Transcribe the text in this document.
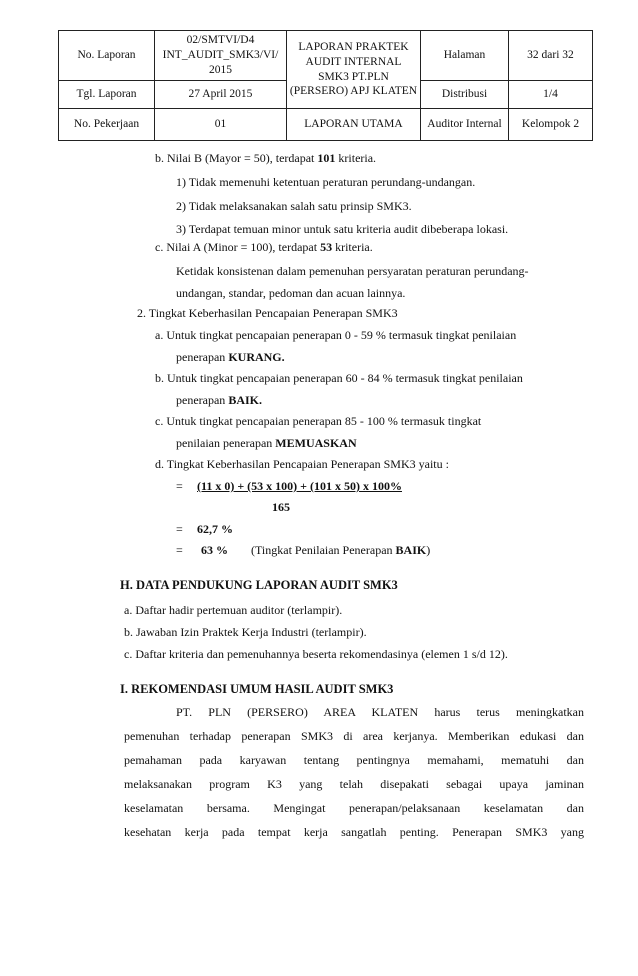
No. Laporan	02/SMTVI/D4 INT_AUDIT_SMK3/VI/ 2015	LAPORAN PRAKTEK AUDIT INTERNAL SMK3 PT.PLN (PERSERO) APJ KLATEN	Halaman	32 dari 32
Tgl. Laporan	27 April 2015		Distribusi	1/4
No. Pekerjaan	01	LAPORAN UTAMA	Auditor Internal	Kelompok 2
b. Nilai B (Mayor = 50), terdapat 101 kriteria.
1) Tidak memenuhi ketentuan peraturan perundang-undangan.
2) Tidak melaksanakan salah satu prinsip SMK3.
3) Terdapat temuan minor untuk satu kriteria audit dibeberapa lokasi.
c. Nilai A (Minor = 100), terdapat 53 kriteria.
Ketidak konsistenan dalam pemenuhan persyaratan peraturan perundang-
undangan, standar, pedoman dan acuan lainnya.
2. Tingkat Keberhasilan Pencapaian Penerapan SMK3
a. Untuk tingkat pencapaian penerapan 0 - 59 % termasuk tingkat penilaian
penerapan KURANG.
b. Untuk tingkat pencapaian penerapan 60 - 84 % termasuk tingkat penilaian
penerapan BAIK.
c. Untuk tingkat pencapaian penerapan 85 - 100 % termasuk tingkat
penilaian penerapan MEMUASKAN
d. Tingkat Keberhasilan Pencapaian Penerapan SMK3 yaitu :
= (11 x 0) + (53 x 100) + (101 x 50) x 100%
165
= 62,7 %
= 63 % (Tingkat Penilaian Penerapan BAIK)
H. DATA PENDUKUNG LAPORAN AUDIT SMK3
a. Daftar hadir pertemuan auditor (terlampir).
b. Jawaban Izin Praktek Kerja Industri (terlampir).
c. Daftar kriteria dan pemenuhannya beserta rekomendasinya (elemen 1 s/d 12).
I. REKOMENDASI UMUM HASIL AUDIT SMK3
PT. PLN (PERSERO) AREA KLATEN harus terus meningkatkan
pemenuhan terhadap penerapan SMK3 di area kerjanya. Memberikan edukasi dan
pemahaman pada karyawan tentang pentingnya memahami, mematuhi dan
melaksanakan program K3 yang telah disepakati sebagai upaya jaminan
keselamatan bersama. Mengingat penerapan/pelaksanaan keselamatan dan
kesehatan kerja pada tempat kerja sangatlah penting. Penerapan SMK3 yang
